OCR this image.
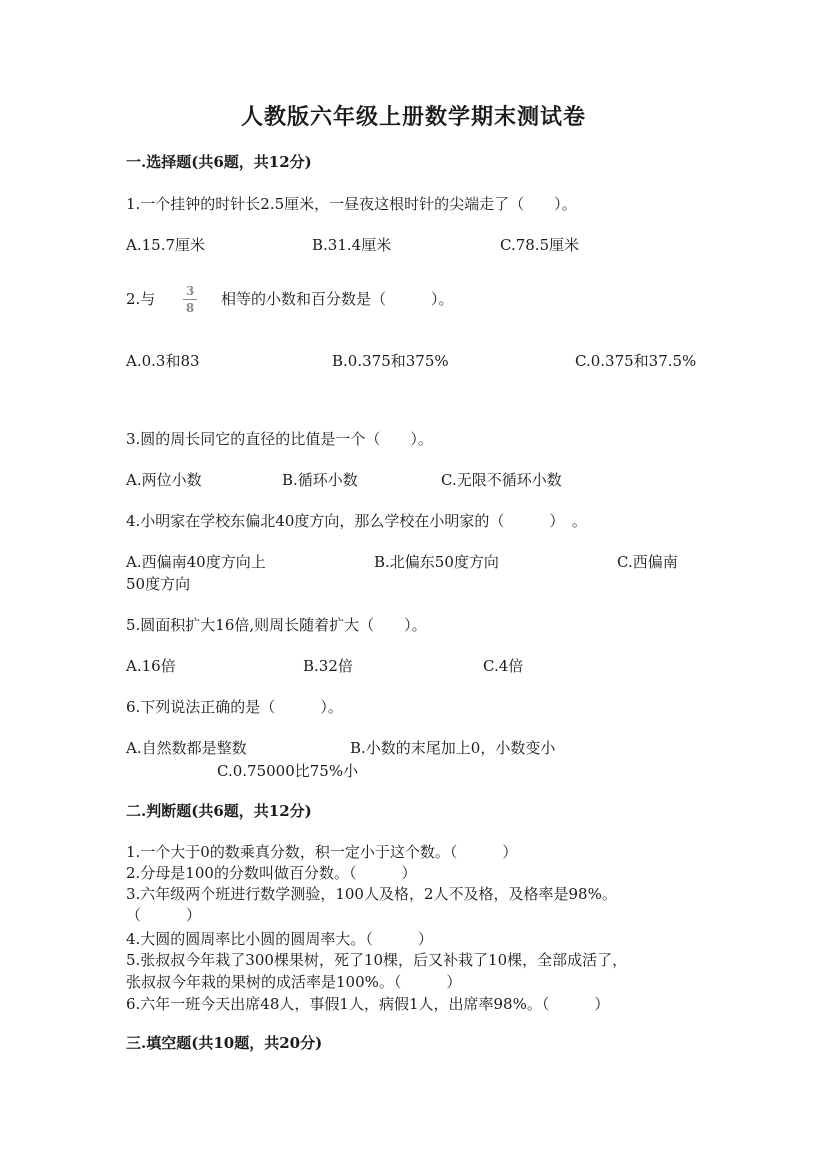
人教版六年级上册数学期末测试卷
一.选择题(共6题，共12分)
1.一个挂钟的时针长2.5厘米，一昼夜这根时针的尖端走了（　　）。
A.15.7厘米	B.31.4厘米	C.78.5厘米
2.与	3
8	相等的小数和百分数是（　　　）。
A.0.3和83	B.0.375和375%	C.0.375和37.5%
3.圆的周长同它的直径的比值是一个（　　）。
A.两位小数	B.循环小数	C.无限不循环小数
4.小明家在学校东偏北40度方向，那么学校在小明家的（　　　）　。
A.西偏南40度方向上	B.北偏东50度方向	C.西偏南
50度方向
5.圆面积扩大16倍,则周长随着扩大（　　）。
A.16倍	B.32倍	C.4倍
6.下列说法正确的是（　　　）。
A.自然数都是整数	B.小数的末尾加上0，小数变小
C.0.75000比75%小
二.判断题(共6题，共12分)
1.一个大于0的数乘真分数，积一定小于这个数。（　　　）
2.分母是100的分数叫做百分数。（　　　）
3.六年级两个班进行数学测验，100人及格，2人不及格，及格率是98%。
（　　　）
4.大圆的圆周率比小圆的圆周率大。（　　　）
5.张叔叔今年栽了300棵果树，死了10棵，后又补栽了10棵，全部成活了，
张叔叔今年栽的果树的成活率是100%。（　　　）
6.六年一班今天出席48人，事假1人，病假1人，出席率98%。（　　　）
三.填空题(共10题，共20分)
